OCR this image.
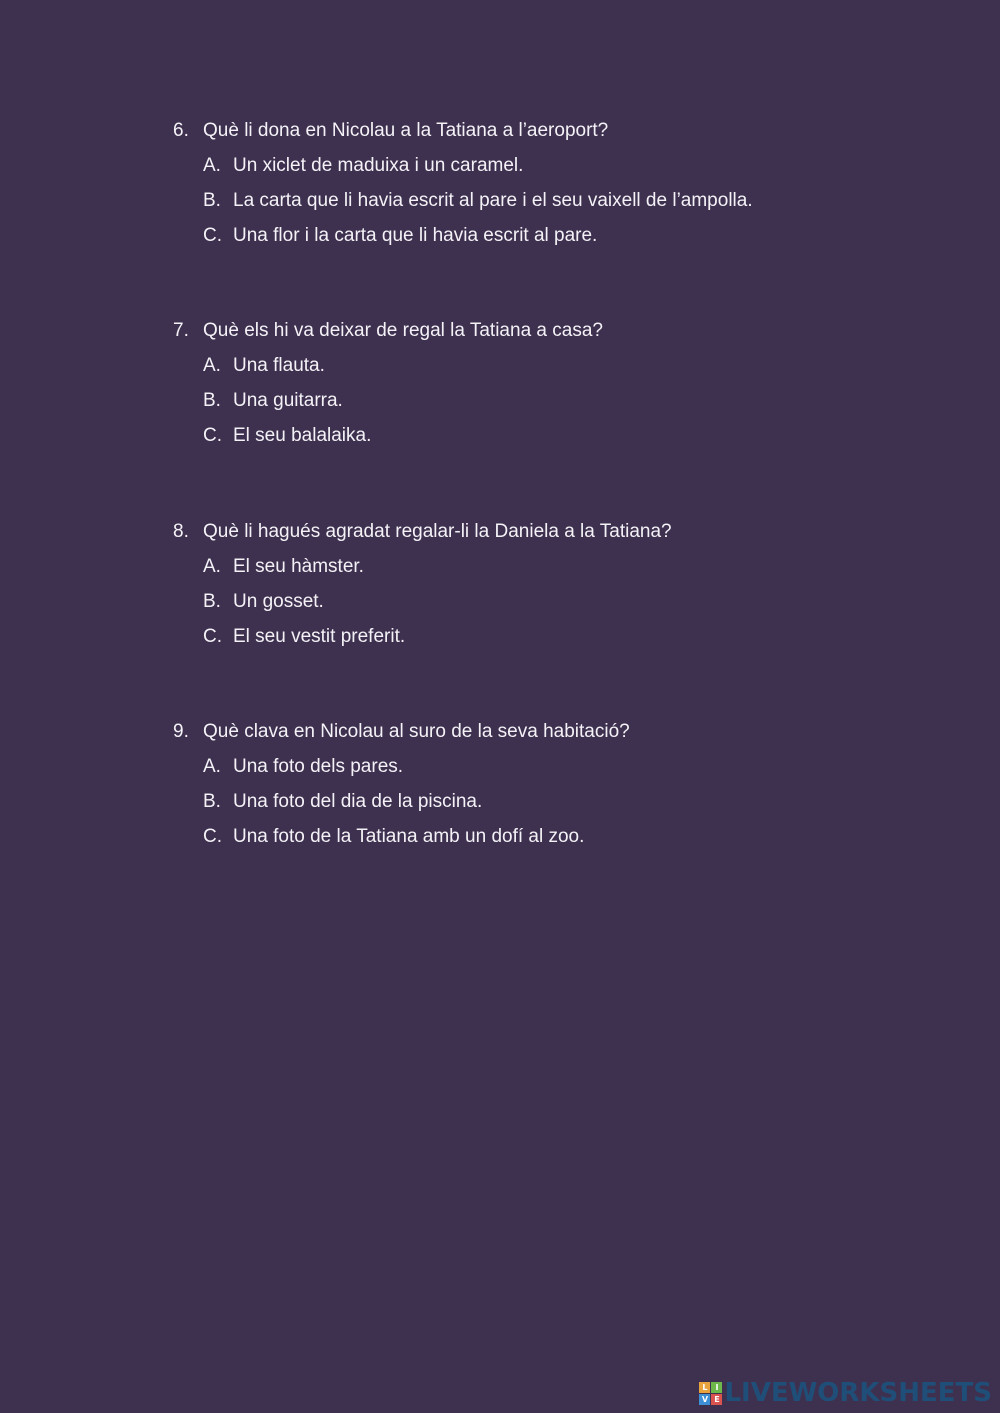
6. Què li dona en Nicolau a la Tatiana a l’aeroport?
A. Un xiclet de maduixa i un caramel.
B. La carta que li havia escrit al pare i el seu vaixell de l’ampolla.
C. Una flor i la carta que li havia escrit al pare.
7. Què els hi va deixar de regal la Tatiana a casa?
A. Una flauta.
B. Una guitarra.
C. El seu balalaika.
8. Què li hagués agradat regalar-li la Daniela a la Tatiana?
A. El seu hàmster.
B. Un gosset.
C. El seu vestit preferit.
9. Què clava en Nicolau al suro de la seva habitació?
A. Una foto dels pares.
B. Una foto del dia de la piscina.
C. Una foto de la Tatiana amb un dofí al zoo.
L I
V E LIVEWORKSHEETS
